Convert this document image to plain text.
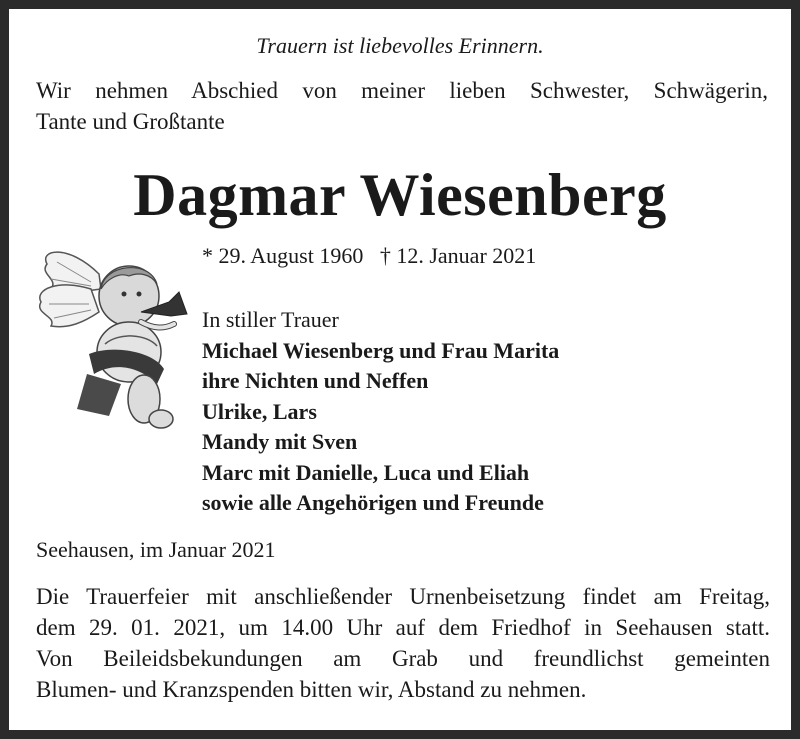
Trauern ist liebevolles Erinnern.
Wir nehmen Abschied von meiner lieben Schwester, Schwägerin,
Tante und Großtante
Dagmar Wiesenberg
* 29. August 1960 † 12. Januar 2021
In stiller Trauer
Michael Wiesenberg und Frau Marita
ihre Nichten und Neffen
Ulrike, Lars
Mandy mit Sven
Marc mit Danielle, Luca und Eliah
sowie alle Angehörigen und Freunde
Seehausen, im Januar 2021
Die Trauerfeier mit anschließender Urnenbeisetzung findet am Freitag,
dem 29. 01. 2021, um 14.00 Uhr auf dem Friedhof in Seehausen statt.
Von Beileidsbekundungen am Grab und freundlichst gemeinten
Blumen- und Kranzspenden bitten wir, Abstand zu nehmen.
